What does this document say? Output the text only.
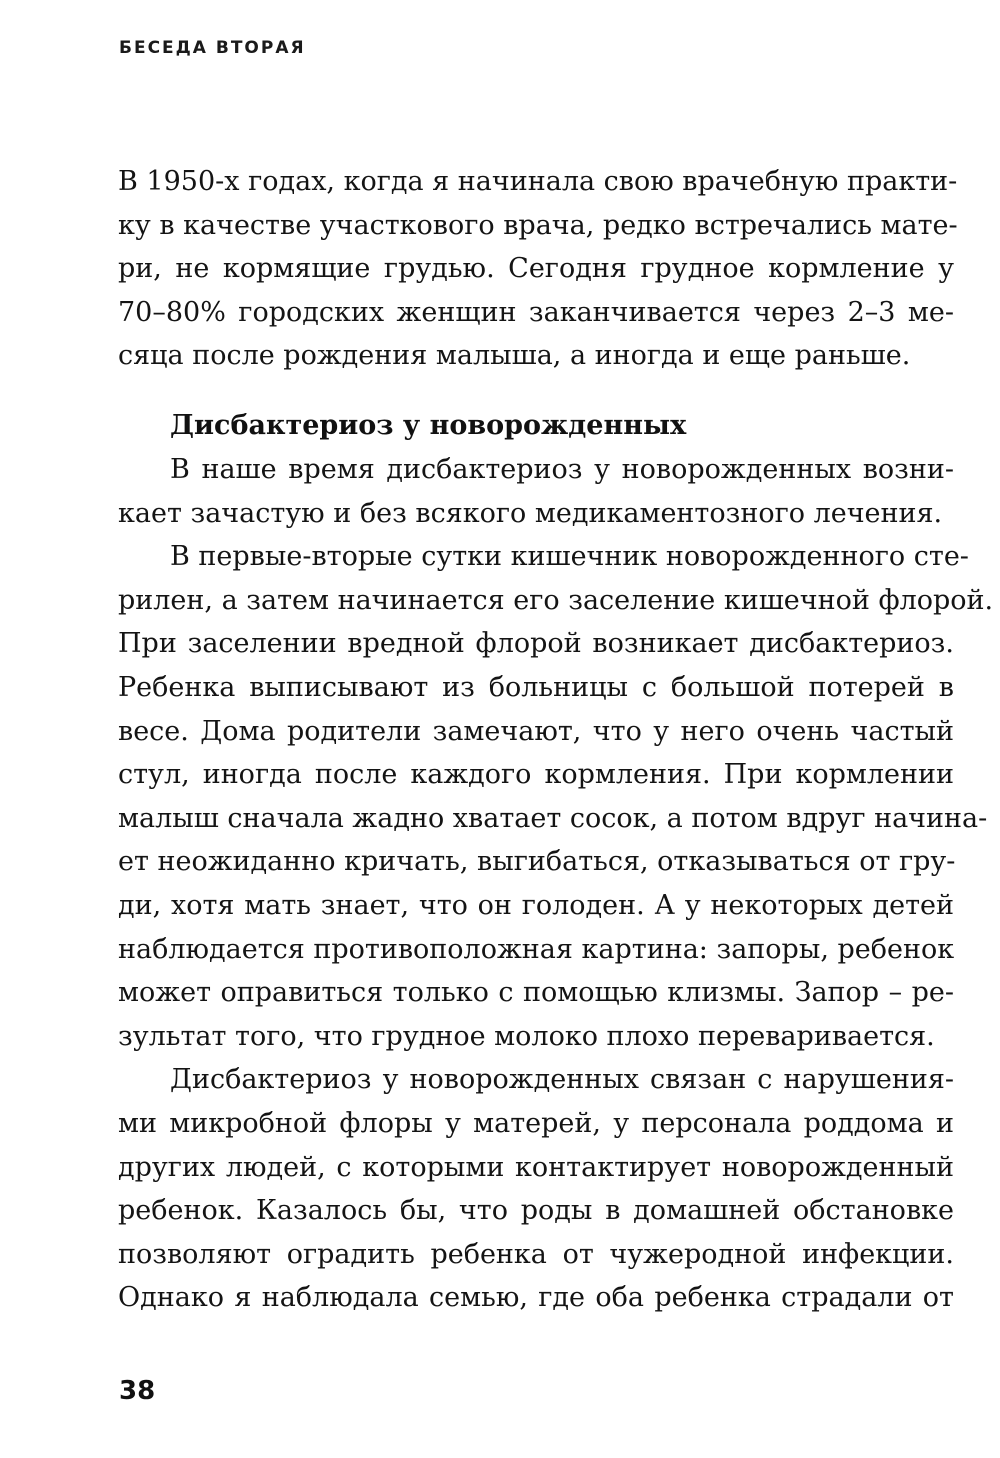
БЕСЕДА ВТОРАЯ
В 1950-х годах, когда я начинала свою врачебную практи-
ку в качестве участкового врача, редко встречались мате-
ри, не кормящие грудью. Сегодня грудное кормление у
70–80% городских женщин заканчивается через 2–3 ме-
сяца после рождения малыша, а иногда и еще раньше.
Дисбактериоз у новорожденных
В наше время дисбактериоз у новорожденных возни-
кает зачастую и без всякого медикаментозного лечения.
В первые-вторые сутки кишечник новорожденного сте-
рилен, а затем начинается его заселение кишечной флорой.
При заселении вредной флорой возникает дисбактериоз.
Ребенка выписывают из больницы с большой потерей в
весе. Дома родители замечают, что у него очень частый
стул, иногда после каждого кормления. При кормлении
малыш сначала жадно хватает сосок, а потом вдруг начина-
ет неожиданно кричать, выгибаться, отказываться от гру-
ди, хотя мать знает, что он голоден. А у некоторых детей
наблюдается противоположная картина: запоры, ребенок
может оправиться только с помощью клизмы. Запор – ре-
зультат того, что грудное молоко плохо переваривается.
Дисбактериоз у новорожденных связан с нарушения-
ми микробной флоры у матерей, у персонала роддома и
других людей, с которыми контактирует новорожденный
ребенок. Казалось бы, что роды в домашней обстановке
позволяют оградить ребенка от чужеродной инфекции.
Однако я наблюдала семью, где оба ребенка страдали от
38
